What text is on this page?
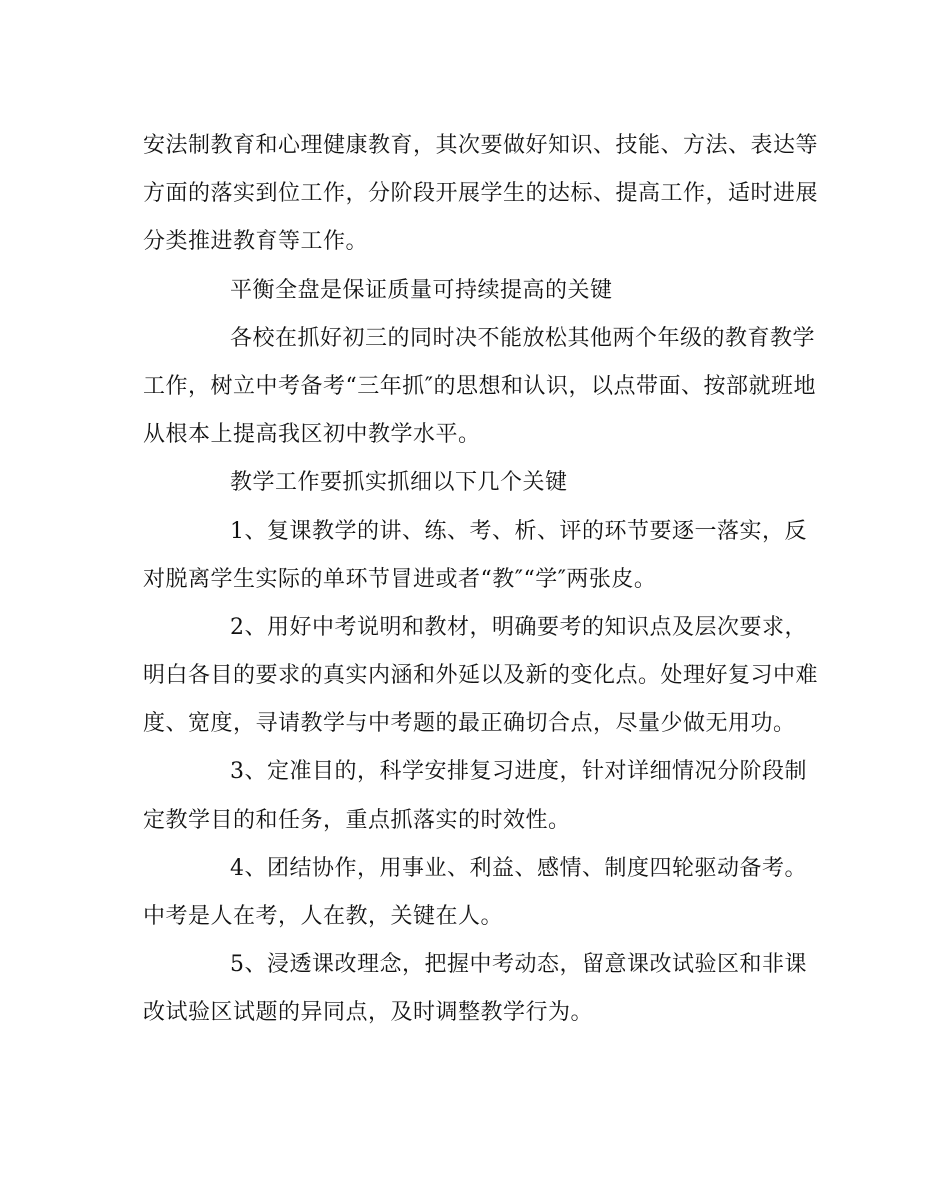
安法制教育和心理健康教育，其次要做好知识、技能、方法、表达等
方面的落实到位工作，分阶段开展学生的达标、提高工作，适时进展
分类推进教育等工作。
平衡全盘是保证质量可持续提高的关键
各校在抓好初三的同时决不能放松其他两个年级的教育教学
工作，树立中考备考“三年抓″的思想和认识，以点带面、按部就班地
从根本上提高我区初中教学水平。
教学工作要抓实抓细以下几个关键
1、复课教学的讲、练、考、析、评的环节要逐一落实，反
对脱离学生实际的单环节冒进或者“教″“学″两张皮。
2、用好中考说明和教材，明确要考的知识点及层次要求，
明白各目的要求的真实内涵和外延以及新的变化点。处理好复习中难
度、宽度，寻请教学与中考题的最正确切合点，尽量少做无用功。
3、定准目的，科学安排复习进度，针对详细情况分阶段制
定教学目的和任务，重点抓落实的时效性。
4、团结协作，用事业、利益、感情、制度四轮驱动备考。
中考是人在考，人在教，关键在人。
5、浸透课改理念，把握中考动态，留意课改试验区和非课
改试验区试题的异同点，及时调整教学行为。
